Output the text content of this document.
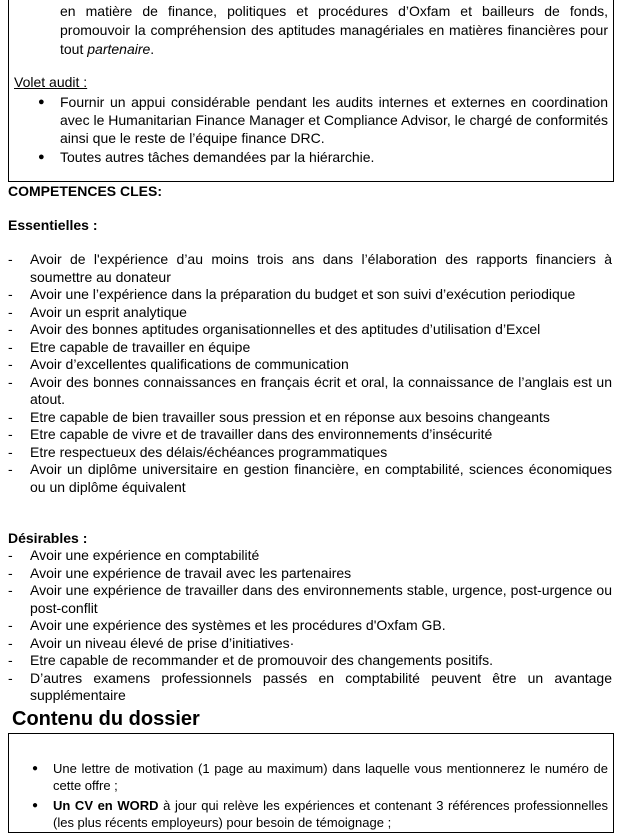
en matière de finance, politiques et procédures d’Oxfam et bailleurs de fonds, promouvoir la compréhension des aptitudes managériales en matières financières pour tout partenaire.
Volet audit :
● Fournir un appui considérable pendant les audits internes et externes en coordination avec le Humanitarian Finance Manager et Compliance Advisor, le chargé de conformités ainsi que le reste de l’équipe finance DRC.
● Toutes autres tâches demandées par la hiérarchie.
COMPETENCES CLES:
Essentielles :
- Avoir de l'expérience d’au moins trois ans dans l’élaboration des rapports financiers à soumettre au donateur
- Avoir une l’expérience dans la préparation du budget et son suivi d’exécution periodique
- Avoir un esprit analytique
- Avoir des bonnes aptitudes organisationnelles et des aptitudes d’utilisation d’Excel
- Etre capable de travailler en équipe
- Avoir d’excellentes qualifications de communication
- Avoir des bonnes connaissances en français écrit et oral, la connaissance de l’anglais est un atout.
- Etre capable de bien travailler sous pression et en réponse aux besoins changeants
- Etre capable de vivre et de travailler dans des environnements d’insécurité
- Etre respectueux des délais/échéances programmatiques
- Avoir un diplôme universitaire en gestion financière, en comptabilité, sciences économiques ou un diplôme équivalent
Désirables :
- Avoir une expérience en comptabilité
- Avoir une expérience de travail avec les partenaires
- Avoir une expérience de travailler dans des environnements stable, urgence, post-urgence ou post-conflit
- Avoir une expérience des systèmes et les procédures d'Oxfam GB.
- Avoir un niveau élevé de prise d’initiatives·
- Etre capable de recommander et de promouvoir des changements positifs.
- D’autres examens professionnels passés en comptabilité peuvent être un avantage supplémentaire
Contenu du dossier
● Une lettre de motivation (1 page au maximum) dans laquelle vous mentionnerez le numéro de cette offre ;
● Un CV en WORD à jour qui relève les expériences et contenant 3 références professionnelles (les plus récents employeurs) pour besoin de témoignage ;
